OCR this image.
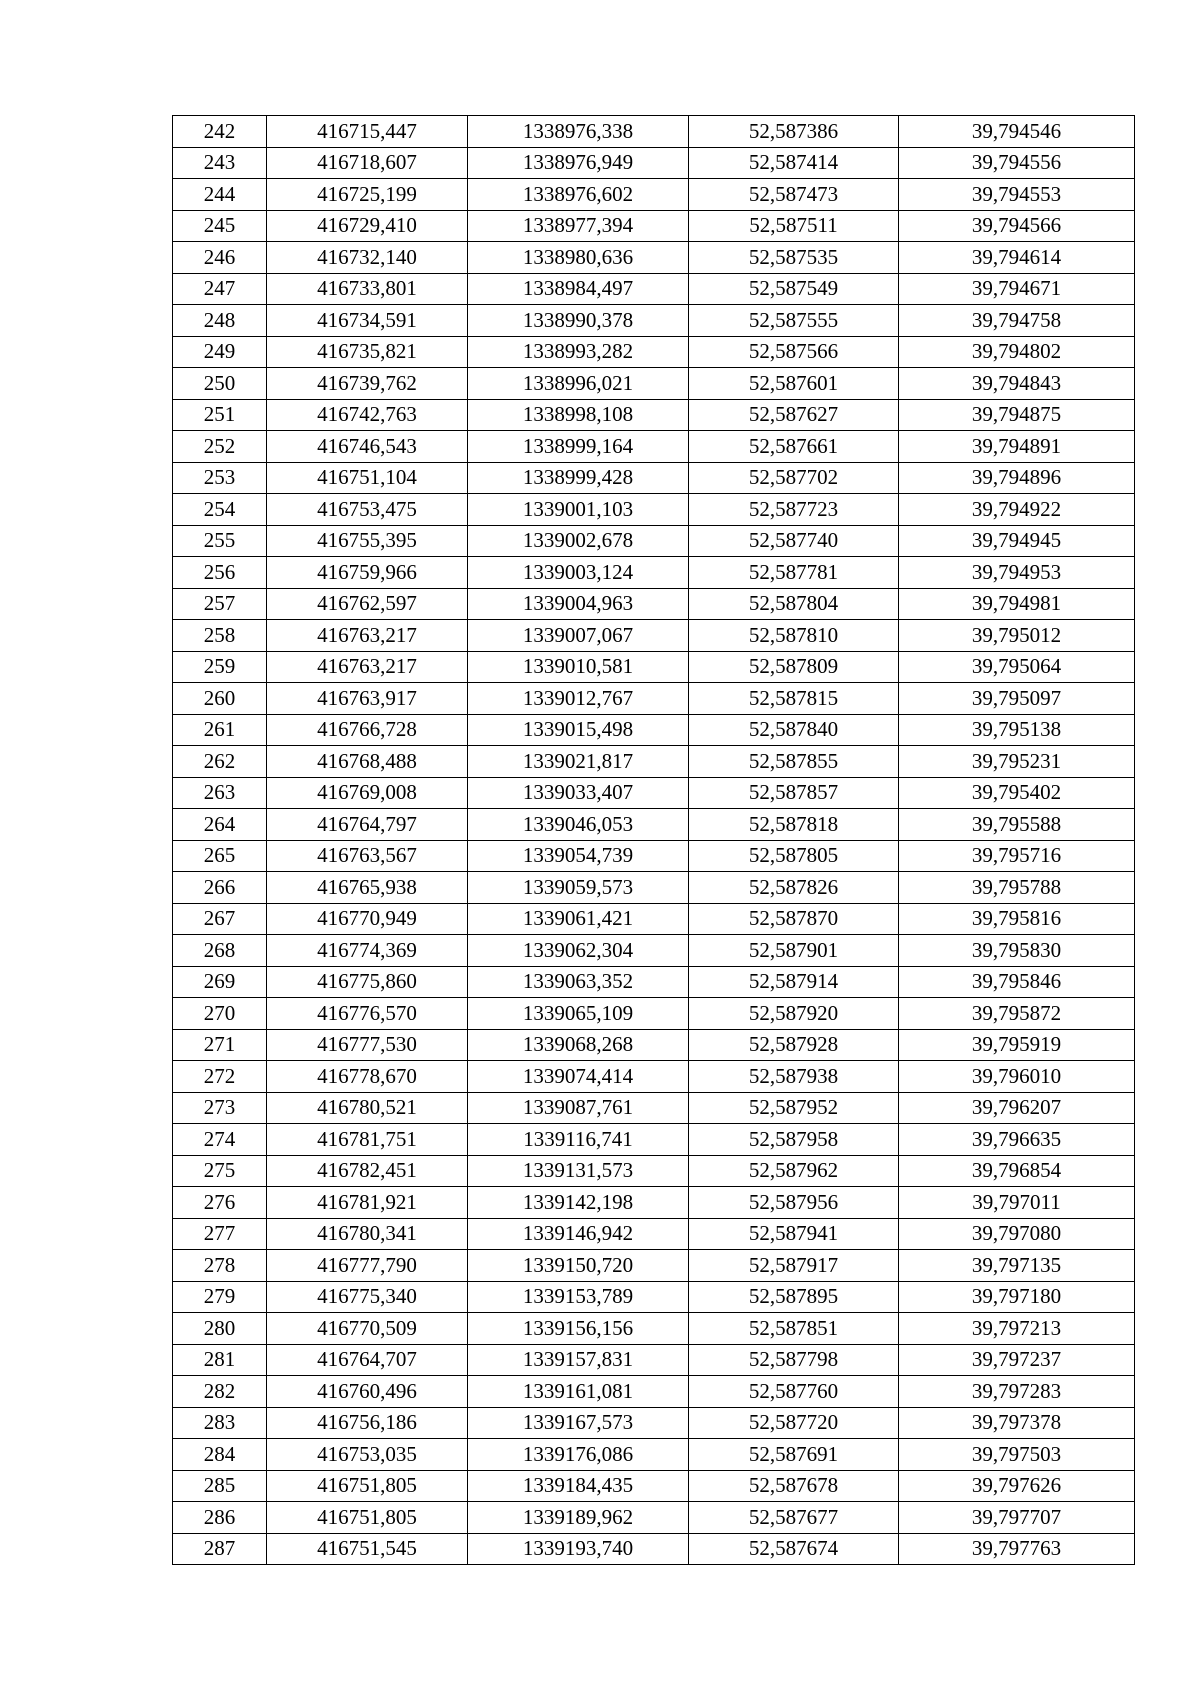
242	416715,447	1338976,338	52,587386	39,794546
243	416718,607	1338976,949	52,587414	39,794556
244	416725,199	1338976,602	52,587473	39,794553
245	416729,410	1338977,394	52,587511	39,794566
246	416732,140	1338980,636	52,587535	39,794614
247	416733,801	1338984,497	52,587549	39,794671
248	416734,591	1338990,378	52,587555	39,794758
249	416735,821	1338993,282	52,587566	39,794802
250	416739,762	1338996,021	52,587601	39,794843
251	416742,763	1338998,108	52,587627	39,794875
252	416746,543	1338999,164	52,587661	39,794891
253	416751,104	1338999,428	52,587702	39,794896
254	416753,475	1339001,103	52,587723	39,794922
255	416755,395	1339002,678	52,587740	39,794945
256	416759,966	1339003,124	52,587781	39,794953
257	416762,597	1339004,963	52,587804	39,794981
258	416763,217	1339007,067	52,587810	39,795012
259	416763,217	1339010,581	52,587809	39,795064
260	416763,917	1339012,767	52,587815	39,795097
261	416766,728	1339015,498	52,587840	39,795138
262	416768,488	1339021,817	52,587855	39,795231
263	416769,008	1339033,407	52,587857	39,795402
264	416764,797	1339046,053	52,587818	39,795588
265	416763,567	1339054,739	52,587805	39,795716
266	416765,938	1339059,573	52,587826	39,795788
267	416770,949	1339061,421	52,587870	39,795816
268	416774,369	1339062,304	52,587901	39,795830
269	416775,860	1339063,352	52,587914	39,795846
270	416776,570	1339065,109	52,587920	39,795872
271	416777,530	1339068,268	52,587928	39,795919
272	416778,670	1339074,414	52,587938	39,796010
273	416780,521	1339087,761	52,587952	39,796207
274	416781,751	1339116,741	52,587958	39,796635
275	416782,451	1339131,573	52,587962	39,796854
276	416781,921	1339142,198	52,587956	39,797011
277	416780,341	1339146,942	52,587941	39,797080
278	416777,790	1339150,720	52,587917	39,797135
279	416775,340	1339153,789	52,587895	39,797180
280	416770,509	1339156,156	52,587851	39,797213
281	416764,707	1339157,831	52,587798	39,797237
282	416760,496	1339161,081	52,587760	39,797283
283	416756,186	1339167,573	52,587720	39,797378
284	416753,035	1339176,086	52,587691	39,797503
285	416751,805	1339184,435	52,587678	39,797626
286	416751,805	1339189,962	52,587677	39,797707
287	416751,545	1339193,740	52,587674	39,797763
